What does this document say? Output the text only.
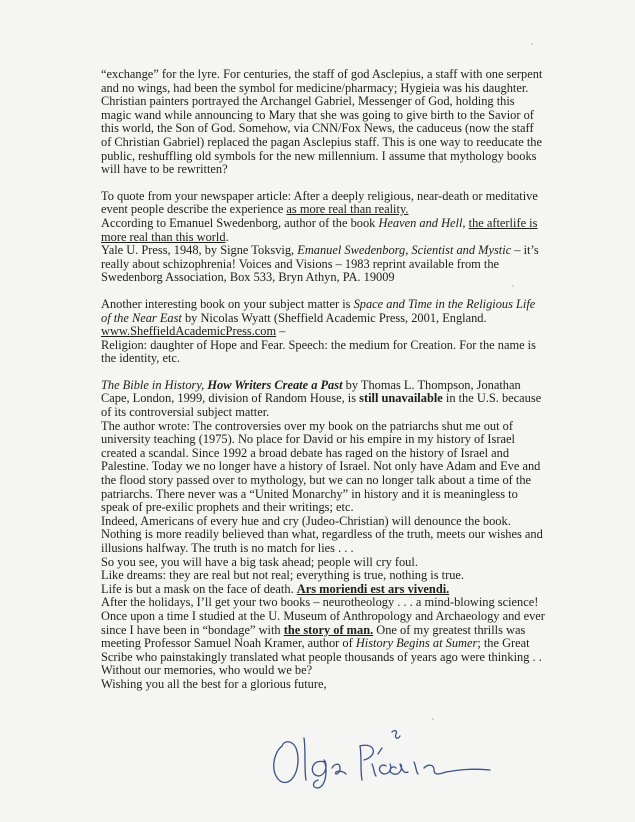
“exchange” for the lyre. For centuries, the staff of god Asclepius, a staff with one serpent
and no wings, had been the symbol for medicine/pharmacy; Hygieia was his daughter.
Christian painters portrayed the Archangel Gabriel, Messenger of God, holding this
magic wand while announcing to Mary that she was going to give birth to the Savior of
this world, the Son of God. Somehow, via CNN/Fox News, the caduceus (now the staff
of Christian Gabriel) replaced the pagan Asclepius staff. This is one way to reeducate the
public, reshuffling old symbols for the new millennium. I assume that mythology books
will have to be rewritten?
To quote from your newspaper article: After a deeply religious, near-death or meditative
event people describe the experience as more real than reality.
According to Emanuel Swedenborg, author of the book Heaven and Hell, the afterlife is
more real than this world.
Yale U. Press, 1948, by Signe Toksvig, Emanuel Swedenborg, Scientist and Mystic – it’s
really about schizophrenia! Voices and Visions – 1983 reprint available from the
Swedenborg Association, Box 533, Bryn Athyn, PA. 19009
Another interesting book on your subject matter is Space and Time in the Religious Life
of the Near East by Nicolas Wyatt (Sheffield Academic Press, 2001, England.
www.SheffieldAcademicPress.com –
Religion: daughter of Hope and Fear. Speech: the medium for Creation. For the name is
the identity, etc.
The Bible in History, How Writers Create a Past by Thomas L. Thompson, Jonathan
Cape, London, 1999, division of Random House, is still unavailable in the U.S. because
of its controversial subject matter.
The author wrote: The controversies over my book on the patriarchs shut me out of
university teaching (1975). No place for David or his empire in my history of Israel
created a scandal. Since 1992 a broad debate has raged on the history of Israel and
Palestine. Today we no longer have a history of Israel. Not only have Adam and Eve and
the flood story passed over to mythology, but we can no longer talk about a time of the
patriarchs. There never was a “United Monarchy” in history and it is meaningless to
speak of pre-exilic prophets and their writings; etc.
Indeed, Americans of every hue and cry (Judeo-Christian) will denounce the book.
Nothing is more readily believed than what, regardless of the truth, meets our wishes and
illusions halfway. The truth is no match for lies . . .
So you see, you will have a big task ahead; people will cry foul.
Like dreams: they are real but not real; everything is true, nothing is true.
Life is but a mask on the face of death. Ars moriendi est ars vivendi.
After the holidays, I’ll get your two books – neurotheology . . . a mind-blowing science!
Once upon a time I studied at the U. Museum of Anthropology and Archaeology and ever
since I have been in “bondage” with the story of man. One of my greatest thrills was
meeting Professor Samuel Noah Kramer, author of History Begins at Sumer; the Great
Scribe who painstakingly translated what people thousands of years ago were thinking . .
Without our memories, who would we be?
Wishing you all the best for a glorious future,
